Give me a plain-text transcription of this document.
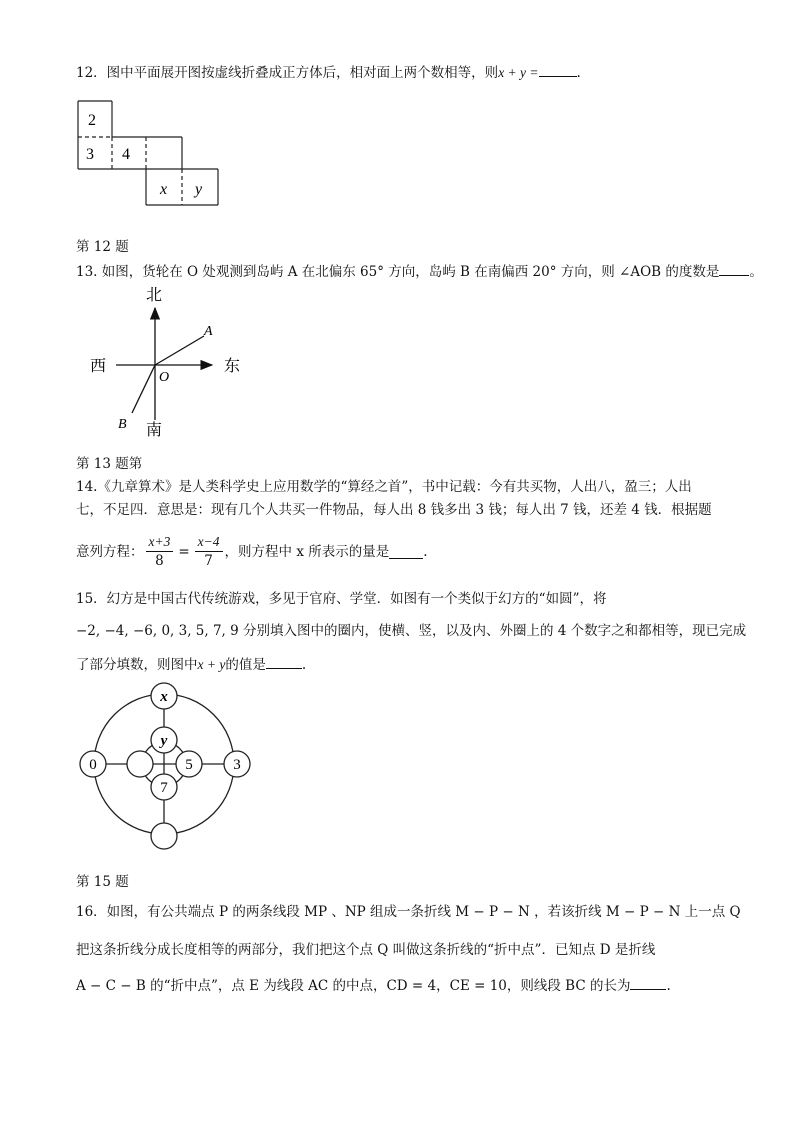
12．图中平面展开图按虚线折叠成正方体后，相对面上两个数相等，则x + y =	.
2
3 4
x y
第 12 题
13. 如图，货轮在 O 处观测到岛屿 A 在北偏东 65° 方向，岛屿 B 在南偏西 20° 方向，则 ∠AOB 的度数是 。
北
南
东
西
O
A
B
第 13 题第
14.《九章算术》是人类科学史上应用数学的“算经之首”，书中记载：今有共买物，人出八，盈三；人出
七，不足四．意思是：现有几个人共买一件物品，每人出 8 钱多出 3 钱；每人出 7 钱，还差 4 钱．根据题
意列方程： $\frac{x+3}{8} = \frac{x-4}{7}$ ，则方程中 x 所表示的量是	.
15．幻方是中国古代传统游戏，多见于官府、学堂．如图有一个类似于幻方的“如圆”，将
−2, −4, −6, 0, 3, 5, 7, 9 分别填入图中的圈内，使横、竖，以及内、外圈上的 4 个数字之和都相等，现已完成
了部分填数，则图中x + y的值是	.
x
y
7
5
0	3
第 15 题
16．如图，有公共端点 P 的两条线段 MP 、NP 组成一条折线 M − P − N ，若该折线 M − P − N 上一点 Q
把这条折线分成长度相等的两部分，我们把这个点 Q 叫做这条折线的“折中点”．已知点 D 是折线
A − C − B 的“折中点”，点 E 为线段 AC 的中点，CD = 4，CE = 10，则线段 BC 的长为	.
